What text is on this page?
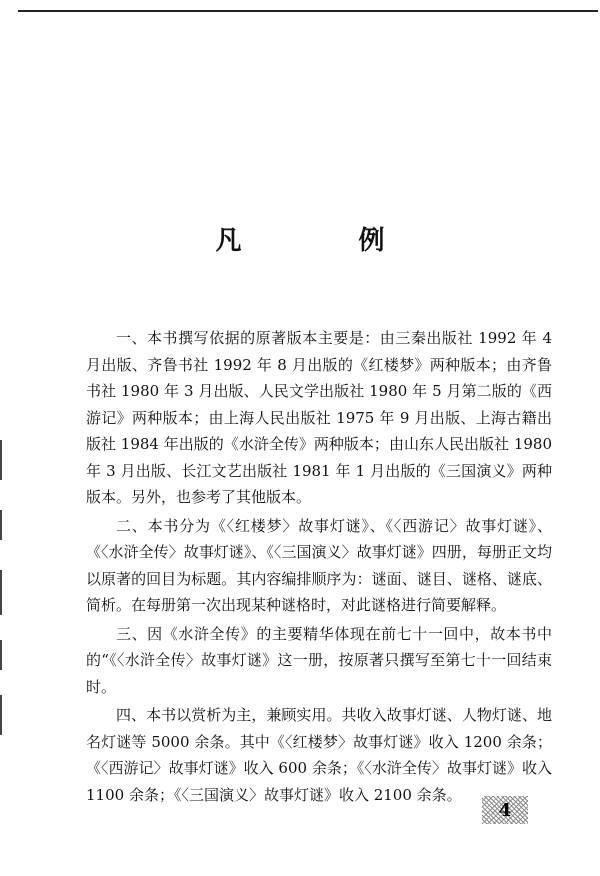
凡 例

一、本书撰写依据的原著版本主要是：由三秦出版社 1992 年 4 月出版、齐鲁书社 1992 年 8 月出版的《红楼梦》两种版本；由齐鲁书社 1980 年 3 月出版、人民文学出版社 1980 年 5 月第二版的《西游记》两种版本；由上海人民出版社 1975 年 9 月出版、上海古籍出版社 1984 年出版的《水浒全传》两种版本；由山东人民出版社 1980 年 3 月出版、长江文艺出版社 1981 年 1 月出版的《三国演义》两种版本。另外，也参考了其他版本。

二、本书分为《〈红楼梦〉故事灯谜》、《〈西游记〉故事灯谜》、《〈水浒全传〉故事灯谜》、《〈三国演义〉故事灯谜》四册，每册正文均以原著的回目为标题。其内容编排顺序为：谜面、谜目、谜格、谜底、简析。在每册第一次出现某种谜格时，对此谜格进行简要解释。

三、因《水浒全传》的主要精华体现在前七十一回中，故本书中的“《〈水浒全传〉故事灯谜》这一册，按原著只撰写至第七十一回结束时。

四、本书以赏析为主，兼顾实用。共收入故事灯谜、人物灯谜、地名灯谜等 5000 余条。其中《〈红楼梦〉故事灯谜》收入 1200 余条；《〈西游记〉故事灯谜》收入 600 余条；《〈水浒全传〉故事灯谜》收入 1100 余条；《〈三国演义〉故事灯谜》收入 2100 余条。

4
